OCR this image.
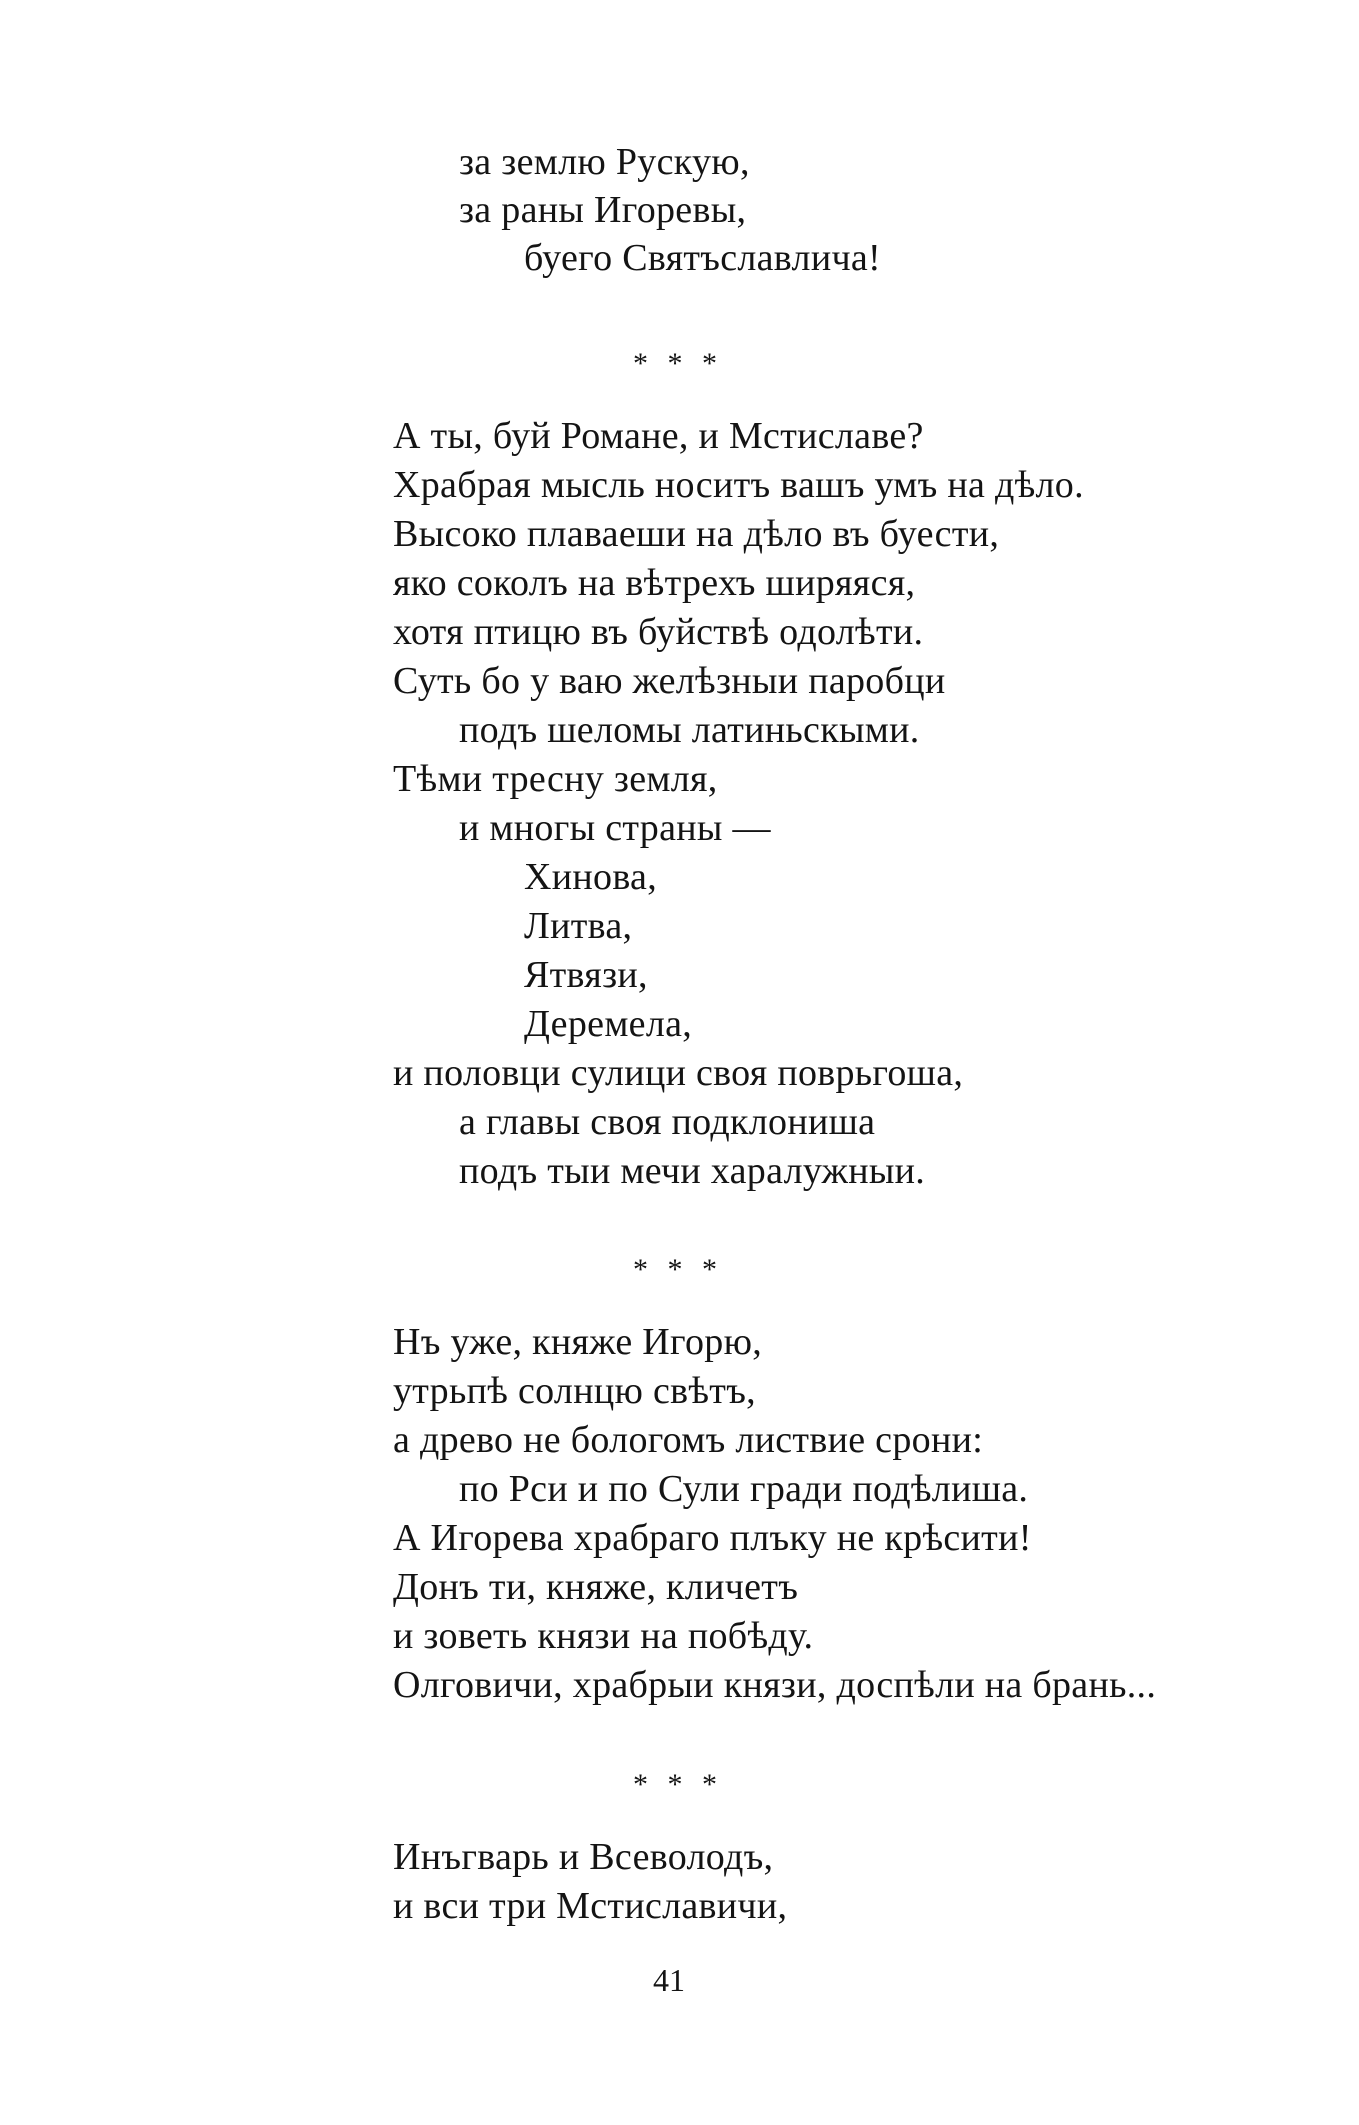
за землю Рускую,
за раны Игоревы,
буего Святъславлича!
* * *
А ты, буй Романе, и Мстиславе?
Храбрая мысль носитъ вашъ умъ на дѣло.
Высоко плаваеши на дѣло въ буести,
яко соколъ на вѣтрехъ ширяяся,
хотя птицю въ буйствѣ одолѣти.
Суть бо у ваю желѣзныи паробци
подъ шеломы латиньскыми.
Тѣми тресну земля,
и многы страны —
Хинова,
Литва,
Ятвязи,
Деремела,
и половци сулици своя поврьгоша,
а главы своя подклониша
подъ тыи мечи харалужныи.
* * *
Нъ уже, княже Игорю,
утрьпѣ солнцю свѣтъ,
а древо не бологомъ листвие срони:
по Рси и по Сули гради подѣлиша.
А Игорева храбраго плъку не крѣсити!
Донъ ти, княже, кличетъ
и зоветь князи на побѣду.
Олговичи, храбрыи князи, доспѣли на брань...
* * *
Инъгварь и Всеволодъ,
и вси три Мстиславичи,
41
